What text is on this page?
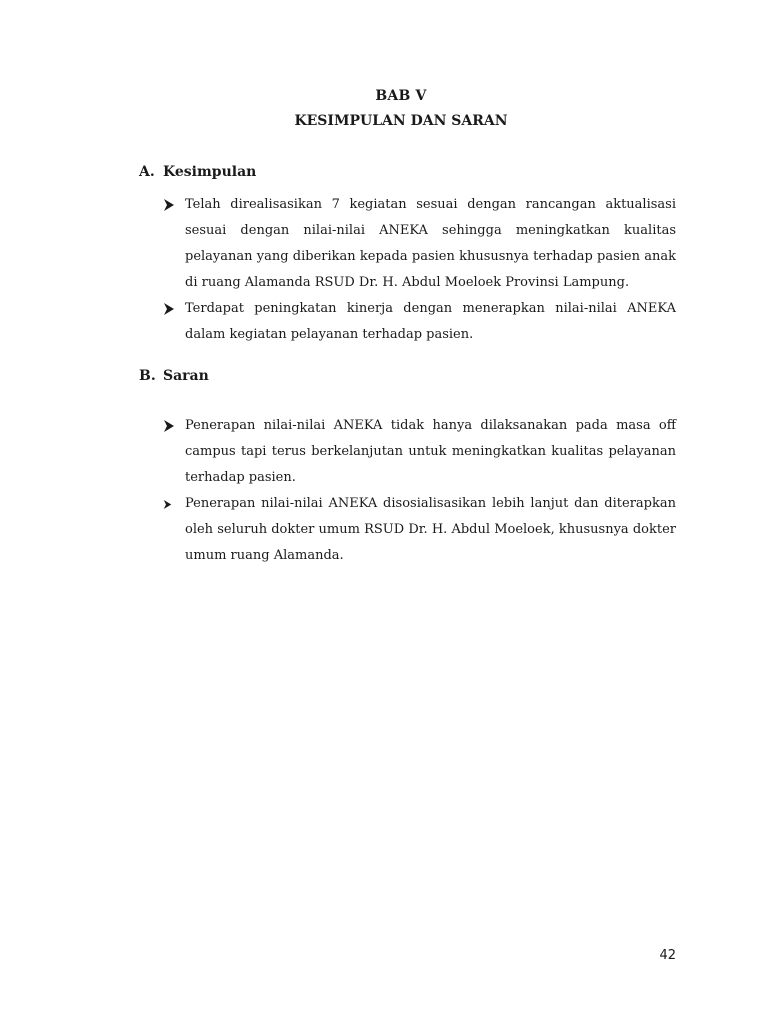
BAB V
KESIMPULAN DAN SARAN
A. Kesimpulan
Telah direalisasikan 7 kegiatan sesuai dengan rancangan aktualisasi sesuai dengan nilai-nilai ANEKA sehingga meningkatkan kualitas pelayanan yang diberikan kepada pasien khususnya terhadap pasien anak di ruang Alamanda RSUD Dr. H. Abdul Moeloek Provinsi Lampung.
Terdapat peningkatan kinerja dengan menerapkan nilai-nilai ANEKA dalam kegiatan pelayanan terhadap pasien.
B. Saran
Penerapan nilai-nilai ANEKA tidak hanya dilaksanakan pada masa off campus tapi terus berkelanjutan untuk meningkatkan kualitas pelayanan terhadap pasien.
Penerapan nilai-nilai ANEKA disosialisasikan lebih lanjut dan diterapkan oleh seluruh dokter umum RSUD Dr. H. Abdul Moeloek, khususnya dokter umum ruang Alamanda.
42
